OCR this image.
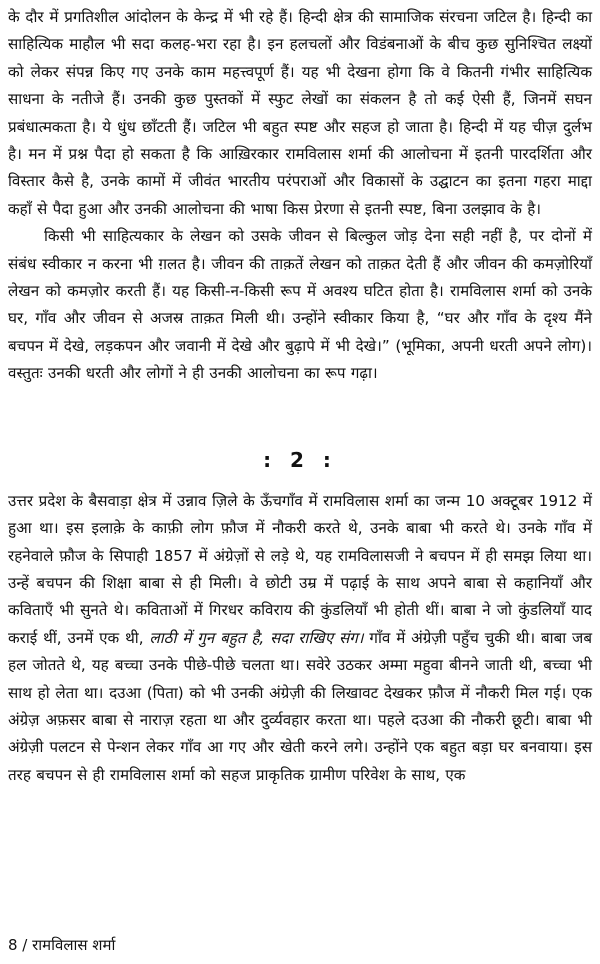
के दौर में प्रगतिशील आंदोलन के केन्द्र में भी रहे हैं। हिन्दी क्षेत्र की सामाजिक संरचना जटिल है। हिन्दी का साहित्यिक माहौल भी सदा कलह-भरा रहा है। इन हलचलों और विडंबनाओं के बीच कुछ सुनिश्चित लक्ष्यों को लेकर संपन्न किए गए उनके काम महत्त्वपूर्ण हैं। यह भी देखना होगा कि वे कितनी गंभीर साहित्यिक साधना के नतीजे हैं। उनकी कुछ पुस्तकों में स्फुट लेखों का संकलन है तो कई ऐसी हैं, जिनमें सघन प्रबंधात्मकता है। ये धुंध छाँटती हैं। जटिल भी बहुत स्पष्ट और सहज हो जाता है। हिन्दी में यह चीज़ दुर्लभ है। मन में प्रश्न पैदा हो सकता है कि आख़िरकार रामविलास शर्मा की आलोचना में इतनी पारदर्शिता और विस्तार कैसे है, उनके कामों में जीवंत भारतीय परंपराओं और विकासों के उद्घाटन का इतना गहरा माद्दा कहाँ से पैदा हुआ और उनकी आलोचना की भाषा किस प्रेरणा से इतनी स्पष्ट, बिना उलझाव के है।

किसी भी साहित्यकार के लेखन को उसके जीवन से बिल्कुल जोड़ देना सही नहीं है, पर दोनों में संबंध स्वीकार न करना भी ग़लत है। जीवन की ताक़तें लेखन को ताक़त देती हैं और जीवन की कमज़ोरियाँ लेखन को कमज़ोर करती हैं। यह किसी-न-किसी रूप में अवश्य घटित होता है। रामविलास शर्मा को उनके घर, गाँव और जीवन से अजस्र ताक़त मिली थी। उन्होंने स्वीकार किया है, “घर और गाँव के दृश्य मैंने बचपन में देखे, लड़कपन और जवानी में देखे और बुढ़ापे में भी देखे।” (भूमिका, अपनी धरती अपने लोग)। वस्तुतः उनकी धरती और लोगों ने ही उनकी आलोचना का रूप गढ़ा।

: 2 :

उत्तर प्रदेश के बैसवाड़ा क्षेत्र में उन्नाव ज़िले के ऊँचगाँव में रामविलास शर्मा का जन्म 10 अक्टूबर 1912 में हुआ था। इस इलाक़े के काफ़ी लोग फ़ौज में नौकरी करते थे, उनके बाबा भी करते थे। उनके गाँव में रहनेवाले फ़ौज के सिपाही 1857 में अंग्रेज़ों से लड़े थे, यह रामविलासजी ने बचपन में ही समझ लिया था। उन्हें बचपन की शिक्षा बाबा से ही मिली। वे छोटी उम्र में पढ़ाई के साथ अपने बाबा से कहानियाँ और कविताएँ भी सुनते थे। कविताओं में गिरधर कविराय की कुंडलियाँ भी होती थीं। बाबा ने जो कुंडलियाँ याद कराई थीं, उनमें एक थी, लाठी में गुन बहुत है, सदा राखिए संग। गाँव में अंग्रेज़ी पहुँच चुकी थी। बाबा जब हल जोतते थे, यह बच्चा उनके पीछे-पीछे चलता था। सवेरे उठकर अम्मा महुवा बीनने जाती थी, बच्चा भी साथ हो लेता था। दउआ (पिता) को भी उनकी अंग्रेज़ी की लिखावट देखकर फ़ौज में नौकरी मिल गई। एक अंग्रेज़ अफ़सर बाबा से नाराज़ रहता था और दुर्व्यवहार करता था। पहले दउआ की नौकरी छूटी। बाबा भी अंग्रेज़ी पलटन से पेन्शन लेकर गाँव आ गए और खेती करने लगे। उन्होंने एक बहुत बड़ा घर बनवाया। इस तरह बचपन से ही रामविलास शर्मा को सहज प्राकृतिक ग्रामीण परिवेश के साथ, एक

8 / रामविलास शर्मा
